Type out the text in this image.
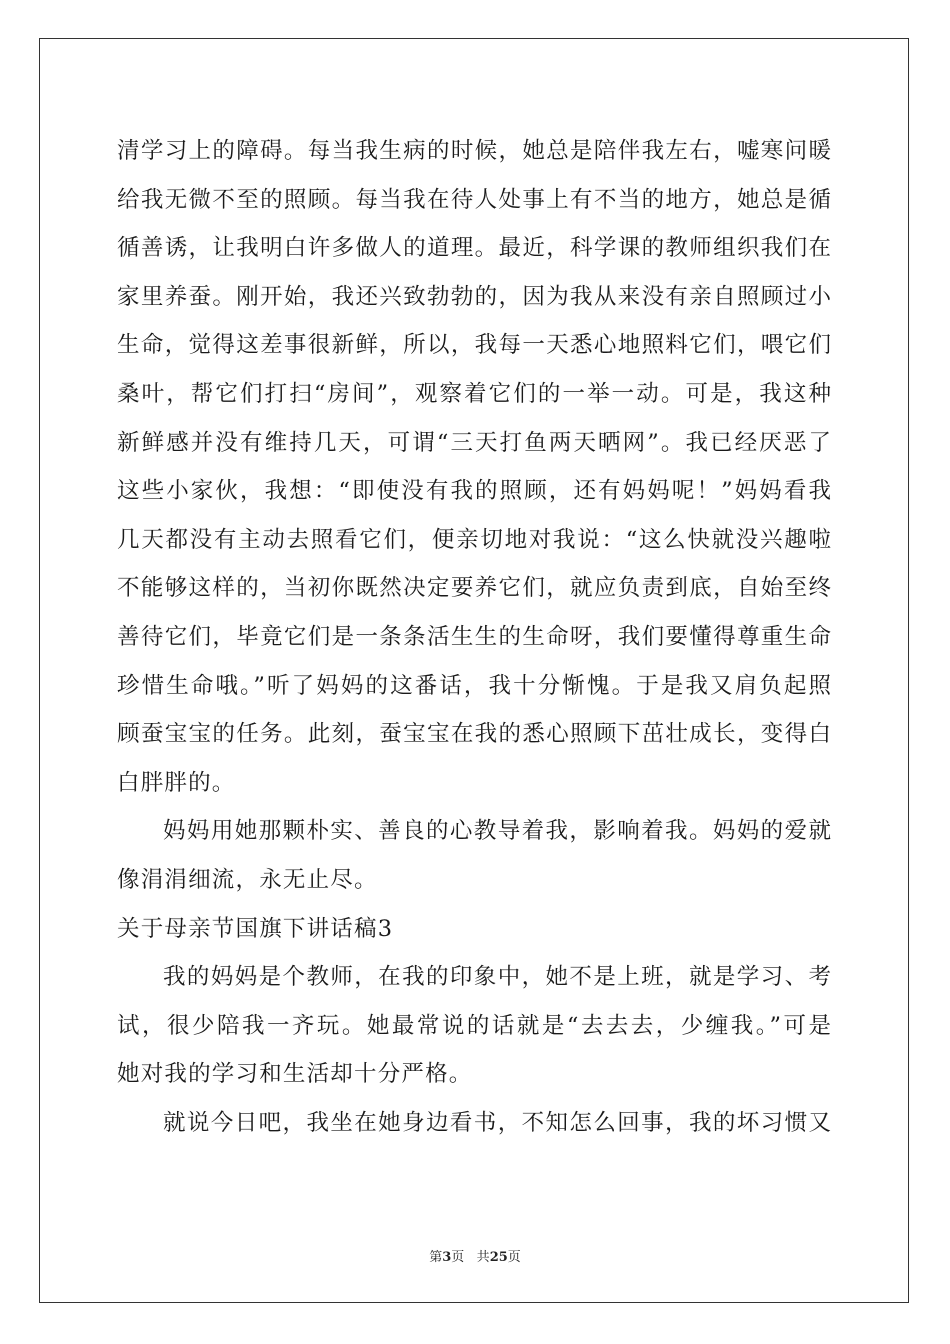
清学习上的障碍。每当我生病的时候，她总是陪伴我左右，嘘寒问暖
给我无微不至的照顾。每当我在待人处事上有不当的地方，她总是循
循善诱，让我明白许多做人的道理。最近，科学课的教师组织我们在
家里养蚕。刚开始，我还兴致勃勃的，因为我从来没有亲自照顾过小
生命，觉得这差事很新鲜，所以，我每一天悉心地照料它们，喂它们
桑叶，帮它们打扫“房间”，观察着它们的一举一动。可是，我这种
新鲜感并没有维持几天，可谓“三天打鱼两天晒网”。我已经厌恶了
这些小家伙，我想：“即使没有我的照顾，还有妈妈呢！”妈妈看我
几天都没有主动去照看它们，便亲切地对我说：“这么快就没兴趣啦
不能够这样的，当初你既然决定要养它们，就应负责到底，自始至终
善待它们，毕竟它们是一条条活生生的生命呀，我们要懂得尊重生命
珍惜生命哦。”听了妈妈的这番话，我十分惭愧。于是我又肩负起照
顾蚕宝宝的任务。此刻，蚕宝宝在我的悉心照顾下茁壮成长，变得白
白胖胖的。
妈妈用她那颗朴实、善良的心教导着我，影响着我。妈妈的爱就
像涓涓细流，永无止尽。
关于母亲节国旗下讲话稿3
我的妈妈是个教师，在我的印象中，她不是上班，就是学习、考
试，很少陪我一齐玩。她最常说的话就是“去去去，少缠我。”可是
她对我的学习和生活却十分严格。
就说今日吧，我坐在她身边看书，不知怎么回事，我的坏习惯又
第3页 共25页
